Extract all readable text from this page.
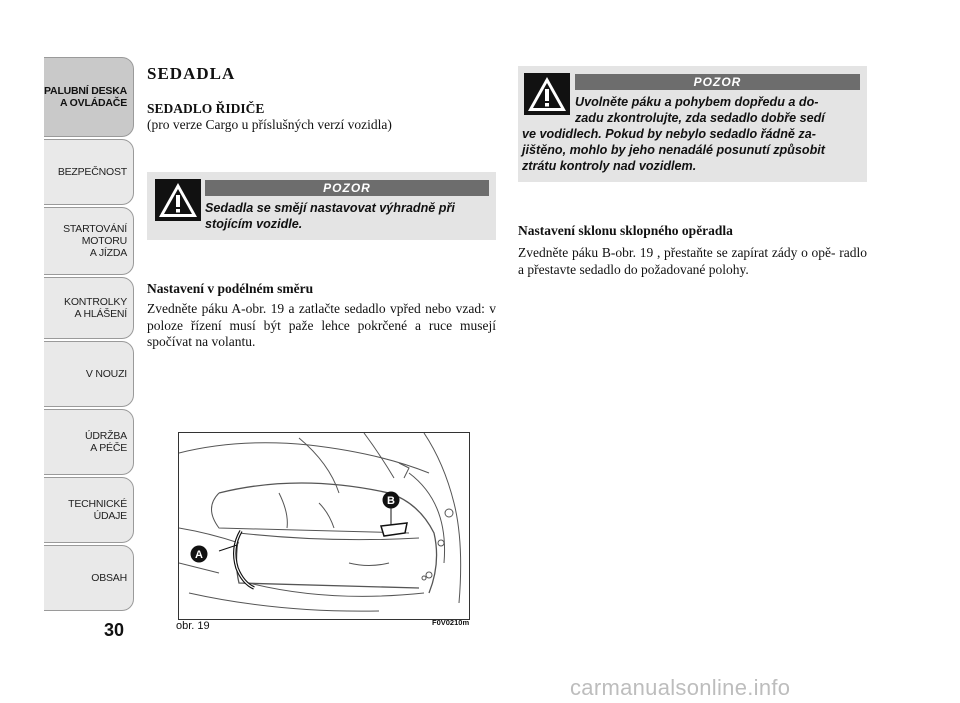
PALUBNÍ DESKA
A OVLÁDAČE
BEZPEČNOST
STARTOVÁNÍ
MOTORU
A JÍZDA
KONTROLKY
A HLÁŠENÍ
V NOUZI
ÚDRŽBA
A PÉČE
TECHNICKÉ
ÚDAJE
OBSAH
30
SEDADLA
SEDADLO ŘIDIČE
(pro verze Cargo u příslušných verzí vozidla)
POZOR
Sedadla se smějí nastavovat výhradně při
stojícím vozidle.
Nastavení v podélném směru
Zvedněte páku A-obr. 19 a zatlačte sedadlo vpřed nebo vzad: v poloze řízení musí být paže lehce pokrčené a ruce musejí spočívat na volantu.
B
A
obr. 19	F0V0210m
POZOR
Uvolněte páku a pohybem dopředu a do-
zadu zkontrolujte, zda sedadlo dobře sedí
ve vodidlech. Pokud by nebylo sedadlo řádně za-
jištěno, mohlo by jeho nenadálé posunutí způsobit
ztrátu kontroly nad vozidlem.
Nastavení sklonu sklopného opěradla
Zvedněte páku B-obr. 19 , přestaňte se zapírat zády o opě- radlo a přestavte sedadlo do požadované polohy.
carmanualsonline.info
